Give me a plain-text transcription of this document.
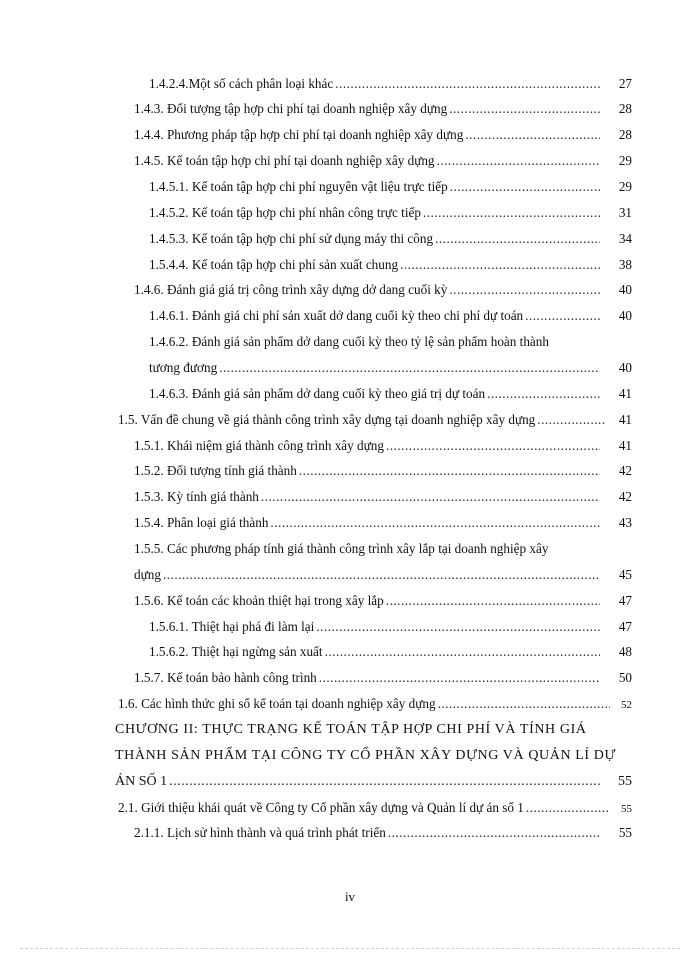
1.4.2.4.Một số cách phân loại khác .....	27
1.4.3. Đối tượng tập hợp chi phí tại doanh nghiệp xây dựng .....	28
1.4.4. Phương pháp tập hợp chi phí tại doanh nghiệp xây dựng .....	28
1.4.5. Kế toán tập hợp chi phí tại doanh nghiệp xây dựng .....	29
1.4.5.1. Kế toán tập hợp chi phí nguyên vật liệu trực tiếp .....	29
1.4.5.2. Kế toán tập hợp chi phí nhân công trực tiếp .....	31
1.4.5.3. Kế toán tập hợp chi phí sử dụng máy thi công .....	34
1.5.4.4. Kế toán tập hợp chi phí sản xuất chung .....	38
1.4.6. Đánh giá giá trị công trình xây dựng dở dang cuối kỳ .....	40
1.4.6.1. Đánh giá chi phí sản xuất dở dang cuối kỳ theo chi phí dự toán .....	40
1.4.6.2. Đánh giá sản phẩm dở dang cuối kỳ theo tỷ lệ sản phẩm hoàn thành
tương đương .....	40
1.4.6.3. Đánh giá sản phẩm dở dang cuối kỳ theo giá trị dự toán .....	41
1.5. Vấn đề chung về giá thành công trình xây dựng tại doanh nghiệp xây dựng .....	41
1.5.1. Khái niệm giá thành công trình xây dựng .....	41
1.5.2. Đối tượng tính giá thành .....	42
1.5.3. Kỳ tính giá thành .....	42
1.5.4. Phân loại giá thành .....	43
1.5.5. Các phương pháp tính giá thành công trình xây lắp tại doanh nghiệp xây
dựng .....	45
1.5.6. Kế toán các khoản thiệt hại trong xây lắp .....	47
1.5.6.1. Thiệt hại phá đi làm lại .....	47
1.5.6.2. Thiệt hại ngừng sản xuất .....	48
1.5.7. Kế toán bảo hành công trình .....	50
1.6. Các hình thức ghi sổ kế toán tại doanh nghiệp xây dựng .....	52
CHƯƠNG II: THỰC TRẠNG KẾ TOÁN TẬP HỢP CHI PHÍ VÀ TÍNH GIÁ
THÀNH SẢN PHẨM TẠI CÔNG TY CỔ PHẦN XÂY DỰNG VÀ QUẢN LÍ DỰ
ÁN SỐ 1 .....	55
2.1. Giới thiệu khái quát về Công ty Cổ phần xây dựng và Quản lí dự án số 1 .....	55
2.1.1. Lịch sử hình thành và quá trình phát triển .....	55
iv
